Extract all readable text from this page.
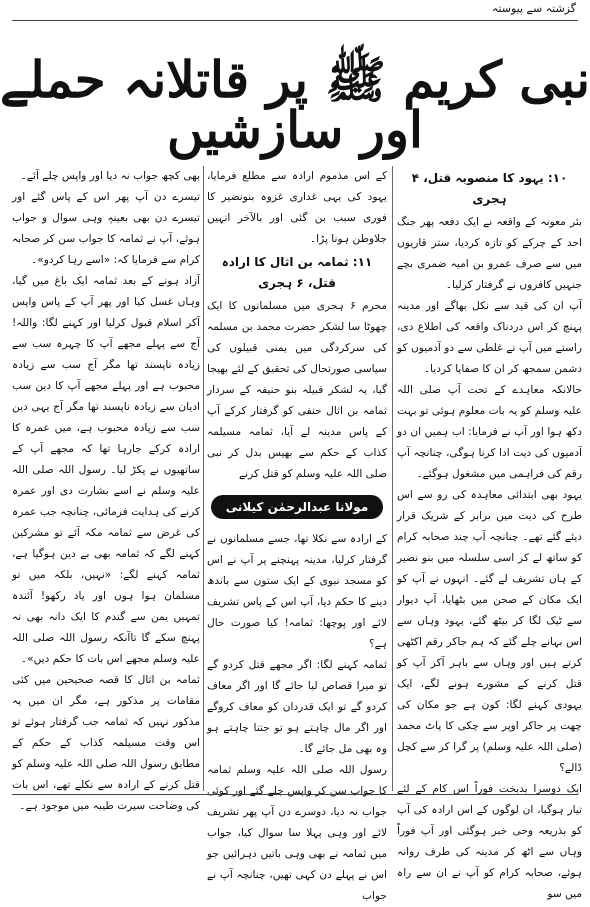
گزشتہ سے پیوستہ
نبی کریم ﷺ پر قاتلانہ حملے اور سازشیں
۱۰: یہود کا منصوبہ قتل، ۴ ہجری

بئر معونہ کے واقعہ نے ایک دفعہ پھر جنگ احد کے چرکے کو تازہ کردیا، ستر قاریوں میں سے صرف عمرو بن امیہ ضمری بچے جنہیں کافروں نے گرفتار کرلیا۔

آپ ان کی قید سے نکل بھاگے اور مدینہ پہنچ کر اس دردناک واقعہ کی اطلاع دی، راستے میں آپ نے غلطی سے دو آدمیوں کو دشمن سمجھ کر ان کا صفایا کردیا۔

حالانکہ معاہدے کے تحت آپ صلی اللہ علیہ وسلم کو یہ بات معلوم ہوئی تو بہت دکھ ہوا اور آپ نے فرمایا: اب ہمیں ان دو آدمیوں کی دیت ادا کرنا ہوگی، چنانچہ آپ رقم کی فراہمی میں مشغول ہوگئے۔

یہود بھی ابتدائی معاہدہ کی رو سے اس طرح کی دیت میں برابر کے شریک قرار دیئے گئے تھے۔ چنانچہ آپ چند صحابہ کرام کو ساتھ لے کر اسی سلسلہ میں بنو نضیر کے ہاں تشریف لے گئے۔ انہوں نے آپ کو ایک مکان کے صحن میں بٹھایا، آپ دیوار سے ٹیک لگا کر بیٹھ گئے، یہود وہاں سے اس بہانے چلے گئے کہ ہم جاکر رقم اکٹھی کرتے ہیں اور وہاں سے باہر آکر آپ کو قتل کرنے کے مشورے ہونے لگے، ایک یہودی کہنے لگا: کون ہے جو مکان کی چھت پر جاکر اوپر سے چکی کا پاٹ محمد (صلی اللہ علیہ وسلم) پر گرا کر سے کچل ڈالے؟

ایک دوسرا بدبخت فوراً اس کام کے لئے تیار ہوگیا، ان لوگوں کے اس ارادہ کی آپ کو بذریعہ وحی خبر ہوگئی اور آپ فوراً وہاں سے اٹھ کر مدینہ کی طرف روانہ ہوئے، صحابہ کرام کو آپ نے ان سے راہ میں سو

کے اس مذموم ارادہ سے مطلع فرمایا، یہود کی یہی غداری غزوہ بنونضیر کا فوری سبب بن گئی اور بالآخر انہیں جلاوطن ہونا پڑا۔

۱۱: ثمامہ بن اثال کا ارادہ قتل، ۶ ہجری

محرم ۶ ہجری میں مسلمانوں کا ایک چھوٹا سا لشکر حضرت محمد بن مسلمہ کی سرکردگی میں یمنی قبیلوں کی سیاسی صورتحال کی تحقیق کے لئے بھیجا گیا، یہ لشکر قبیلہ بنو حنیفہ کے سردار ثمامہ بن اثال حنفی کو گرفتار کرکے آپ کے پاس مدینہ لے آیا، ثمامہ مسیلمہ کذاب کے حکم سے بھیس بدل کر نبی صلی اللہ علیہ وسلم کو قتل کرنے

مولانا عبدالرحمٰن کیلانی

کے ارادہ سے نکلا تھا، جسے مسلمانوں نے گرفتار کرلیا، مدینہ پہنچنے پر آپ نے اس کو مسجد نبوی کے ایک ستون سے باندھ دینے کا حکم دیا، آپ اس کے پاس تشریف لائے اور پوچھا: ثمامہ! کیا صورت حال ہے؟

ثمامہ کہنے لگا: اگر مجھے قتل کردو گے تو میرا قصاص لیا جائے گا اور اگر معاف کردو گے تو ایک قدردان کو معاف کروگے اور اگر مال چاہتے ہو تو جتنا چاہتے ہو وہ بھی مل جائے گا۔

رسول اللہ صلی اللہ علیہ وسلم ثمامہ کا جواب سن کر واپس چلے گئے اور کوئی جواب نہ دیا، دوسرے دن آپ پھر تشریف لائے اور وہی پہلا سا سوال کیا، جواب میں ثمامہ نے بھی وہی باتیں دہرائیں جو اس نے پہلے دن کہی تھیں، چنانچہ آپ نے جواب

بھی کچھ جواب نہ دیا اور واپس چلے آئے۔

تیسرے دن آپ پھر اس کے پاس گئے اور تیسرے دن بھی بعینہٖ وہی سوال و جواب ہوئے، آپ نے ثمامہ کا جواب سن کر صحابہ کرام سے فرمایا کہ: «اسے رہا کردو»۔

آزاد ہونے کے بعد ثمامہ ایک باغ میں گیا، وہاں غسل کیا اور پھر آپ کے پاس واپس آکر اسلام قبول کرلیا اور کہنے لگا: واللہ! آج سے پہلے مجھے آپ کا چہرہ سب سے زیادہ ناپسند تھا مگر آج سب سے زیادہ محبوب ہے اور پہلے مجھے آپ کا دین سب ادیان سے زیادہ ناپسند تھا مگر آج یہی دین سب سے زیادہ محبوب ہے، میں عمرہ کا ارادہ کرکے جارہا تھا کہ مجھے آپ کے ساتھیوں نے پکڑ لیا۔ رسول اللہ صلی اللہ علیہ وسلم نے اسے بشارت دی اور عمرہ کرنے کی ہدایت فرمائی، چنانچہ جب عمرہ کی غرض سے ثمامہ مکہ آئے تو مشرکین کہنے لگے کہ ثمامہ بھی بے دین ہوگیا ہے، ثمامہ کہنے لگے: «نہیں، بلکہ میں تو مسلمان ہوا ہوں اور یاد رکھو! آئندہ تمہیں یمن سے گندم کا ایک دانہ بھی نہ پہنچ سکے گا تاآنکہ رسول اللہ صلی اللہ علیہ وسلم مجھے اس بات کا حکم دیں»۔

ثمامہ بن اثال کا قصہ صحیحین میں کئی مقامات پر مذکور ہے، مگر ان میں یہ مذکور نہیں کہ ثمامہ جب گرفتار ہوئے تو اس وقت مسیلمہ کذاب کے حکم کے مطابق رسول اللہ صلی اللہ علیہ وسلم کو قتل کرنے کے ارادہ سے نکلے تھے، اس بات کی وضاحت سیرت طیبہ میں موجود ہے۔
